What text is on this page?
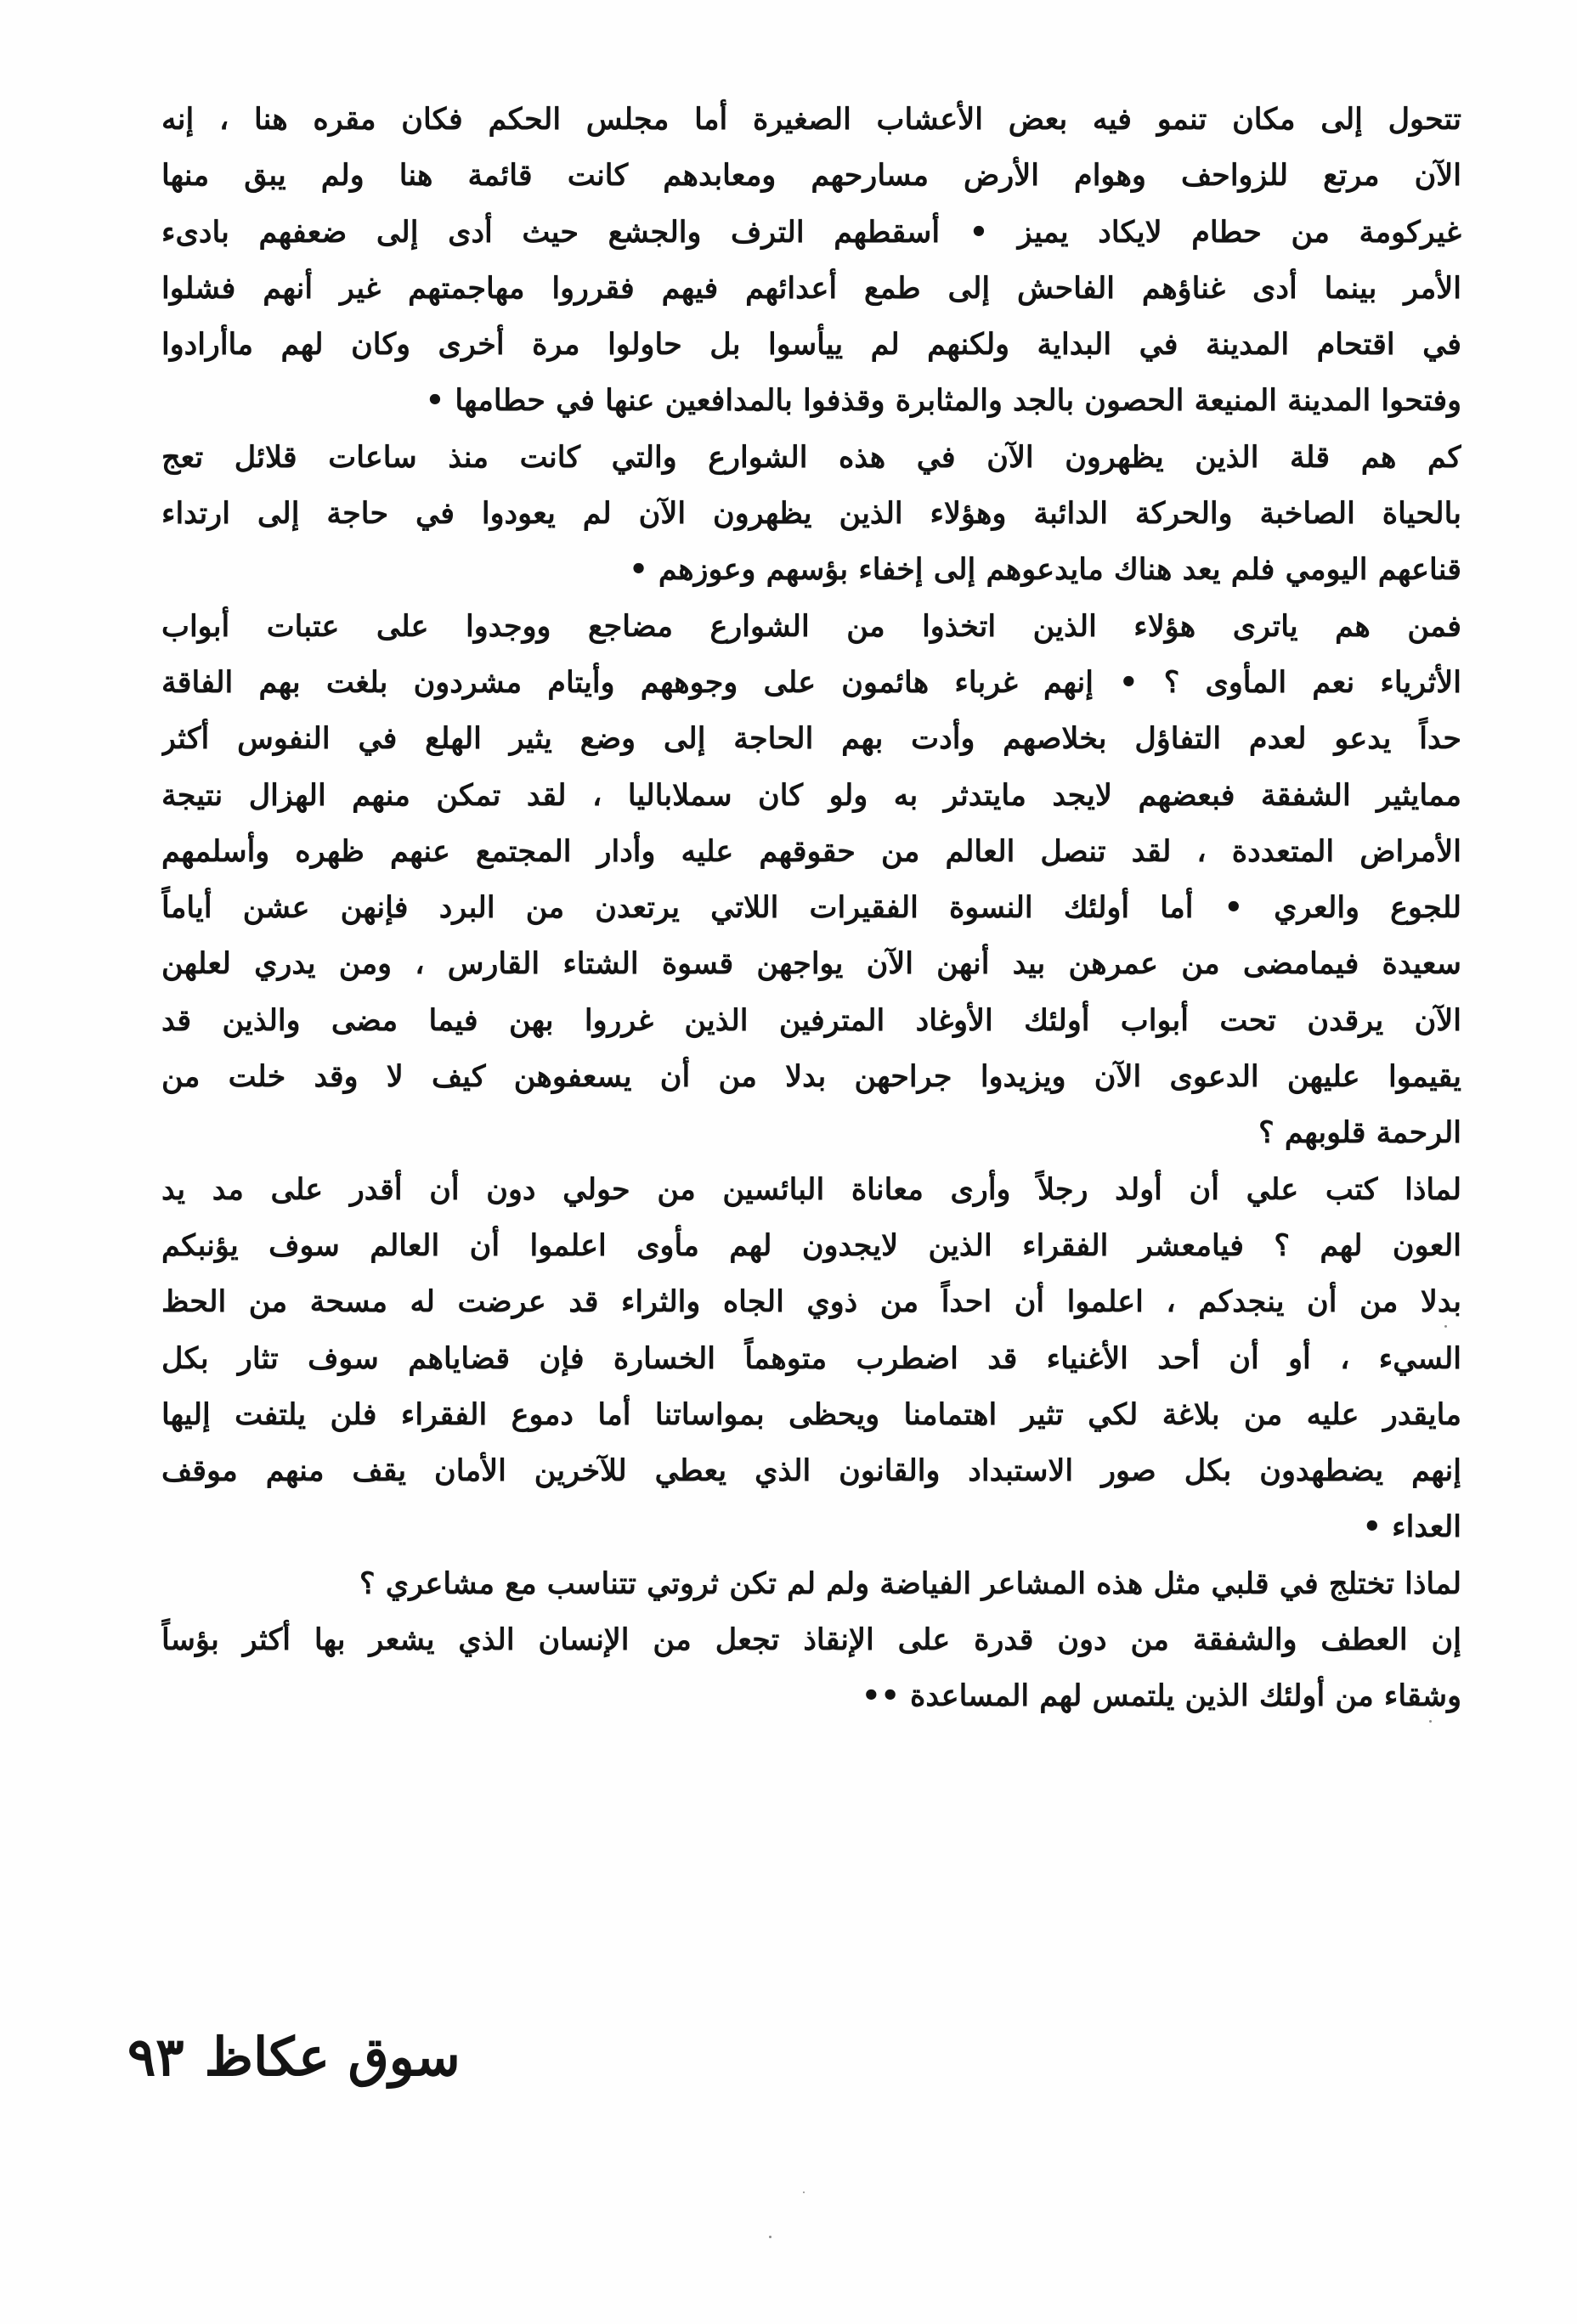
تتحول إلى مكان تنمو فيه بعض الأعشاب الصغيرة أما مجلس الحكم فكان مقره هنا ، إنه
الآن مرتع للزواحف وهوام الأرض مسارحهم ومعابدهم كانت قائمة هنا ولم يبق منها
غيركومة من حطام لايكاد يميز • أسقطهم الترف والجشع حيث أدى إلى ضعفهم بادىء
الأمر بينما أدى غناؤهم الفاحش إلى طمع أعدائهم فيهم فقرروا مهاجمتهم غير أنهم فشلوا
في اقتحام المدينة في البداية ولكنهم لم ييأسوا بل حاولوا مرة أخرى وكان لهم ماأرادوا
وفتحوا المدينة المنيعة الحصون بالجد والمثابرة وقذفوا بالمدافعين عنها في حطامها •
كم هم قلة الذين يظهرون الآن في هذه الشوارع والتي كانت منذ ساعات قلائل تعج
بالحياة الصاخبة والحركة الدائبة وهؤلاء الذين يظهرون الآن لم يعودوا في حاجة إلى ارتداء
قناعهم اليومي فلم يعد هناك مايدعوهم إلى إخفاء بؤسهم وعوزهم •
فمن هم ياترى هؤلاء الذين اتخذوا من الشوارع مضاجع ووجدوا على عتبات أبواب
الأثرياء نعم المأوى ؟ • إنهم غرباء هائمون على وجوههم وأيتام مشردون بلغت بهم الفاقة
حداً يدعو لعدم التفاؤل بخلاصهم وأدت بهم الحاجة إلى وضع يثير الهلع في النفوس أكثر
ممايثير الشفقة فبعضهم لايجد مايتدثر به ولو كان سملاباليا ، لقد تمكن منهم الهزال نتيجة
الأمراض المتعددة ، لقد تنصل العالم من حقوقهم عليه وأدار المجتمع عنهم ظهره وأسلمهم
للجوع والعري • أما أولئك النسوة الفقيرات اللاتي يرتعدن من البرد فإنهن عشن أياماً
سعيدة فيمامضى من عمرهن بيد أنهن الآن يواجهن قسوة الشتاء القارس ، ومن يدري لعلهن
الآن يرقدن تحت أبواب أولئك الأوغاد المترفين الذين غرروا بهن فيما مضى والذين قد
يقيموا عليهن الدعوى الآن ويزيدوا جراحهن بدلا من أن يسعفوهن كيف لا وقد خلت من
الرحمة قلوبهم ؟
لماذا كتب علي أن أولد رجلاً وأرى معاناة البائسين من حولي دون أن أقدر على مد يد
العون لهم ؟ فيامعشر الفقراء الذين لايجدون لهم مأوى اعلموا أن العالم سوف يؤنبكم
بدلا من أن ينجدكم ، اعلموا أن احداً من ذوي الجاه والثراء قد عرضت له مسحة من الحظ
السيء ، أو أن أحد الأغنياء قد اضطرب متوهماً الخسارة فإن قضاياهم سوف تثار بكل
مايقدر عليه من بلاغة لكي تثير اهتمامنا ويحظى بمواساتنا أما دموع الفقراء فلن يلتفت إليها
إنهم يضطهدون بكل صور الاستبداد والقانون الذي يعطي للآخرين الأمان يقف منهم موقف
العداء •
لماذا تختلج في قلبي مثل هذه المشاعر الفياضة ولم لم تكن ثروتي تتناسب مع مشاعري ؟
إن العطف والشفقة من دون قدرة على الإنقاذ تجعل من الإنسان الذي يشعر بها أكثر بؤساً
وشقاء من أولئك الذين يلتمس لهم المساعدة ••
سوق عكاظ٩٣
